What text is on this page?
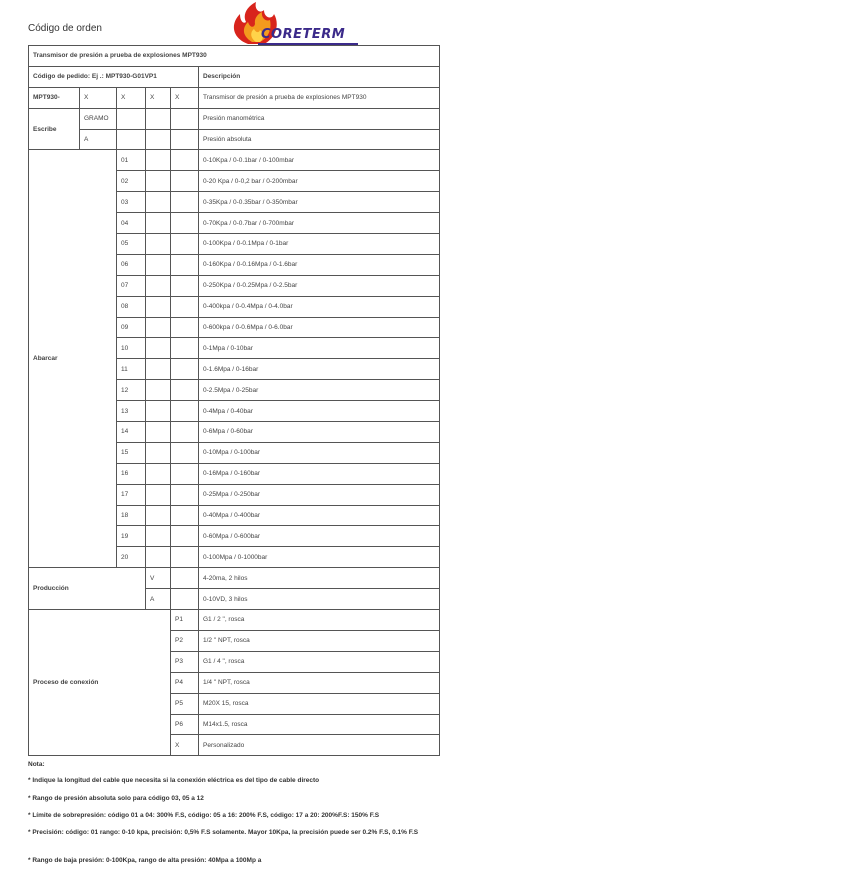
Código de orden	COREТERM
Transmisor de presión a prueba de explosiones MPT930					
Código de pedido: Ej .: MPT930-G01VP1					Descripción
MPT930-	X	X	X	X	Transmisor de presión a prueba de explosiones MPT930
Escribe	GRAMO				Presión manométrica
	A				Presión absoluta
Abarcar		01			0-10Kpa / 0-0.1bar / 0-100mbar
		02			0-20 Kpa / 0-0,2 bar / 0-200mbar
		03			0-35Kpa / 0-0.35bar / 0-350mbar
		04			0-70Kpa / 0-0.7bar / 0-700mbar
		05			0-100Kpa / 0-0.1Mpa / 0-1bar
		06			0-160Kpa / 0-0.16Mpa / 0-1.6bar
		07			0-250Kpa / 0-0.25Mpa / 0-2.5bar
		08			0-400kpa / 0-0.4Mpa / 0-4.0bar
		09			0-600kpa / 0-0.6Mpa / 0-6.0bar
		10			0-1Mpa / 0-10bar
		11			0-1.6Mpa / 0-16bar
		12			0-2.5Mpa / 0-25bar
		13			0-4Mpa / 0-40bar
		14			0-6Mpa / 0-60bar
		15			0-10Mpa / 0-100bar
		16			0-16Mpa / 0-160bar
		17			0-25Mpa / 0-250bar
		18			0-40Mpa / 0-400bar
		19			0-60Mpa / 0-600bar
		20			0-100Mpa / 0-1000bar
Producción			V		4-20ma, 2 hilos
			A		0-10VD, 3 hilos
Proceso de conexión				P1	G1 / 2 ", rosca
				P2	1/2 " NPT, rosca
				P3	G1 / 4 ", rosca
				P4	1/4 " NPT, rosca
				P5	M20X 15, rosca
				P6	M14x1.5, rosca
				X	Personalizado
Nota:
* Indique la longitud del cable que necesita si la conexión eléctrica es del tipo de cable directo
* Rango de presión absoluta solo para código 03, 05 a 12
* Límite de sobrepresión: código 01 a 04: 300% F.S, código: 05 a 16: 200% F.S, código: 17 a 20: 200%F.S: 150% F.S
* Precisión: código: 01 rango: 0-10 kpa, precisión: 0,5% F.S solamente. Mayor 10Kpa, la precisión puede ser 0.2% F.S, 0.1% F.S
* Rango de baja presión: 0-100Kpa, rango de alta presión: 40Mpa a 100Mp a
